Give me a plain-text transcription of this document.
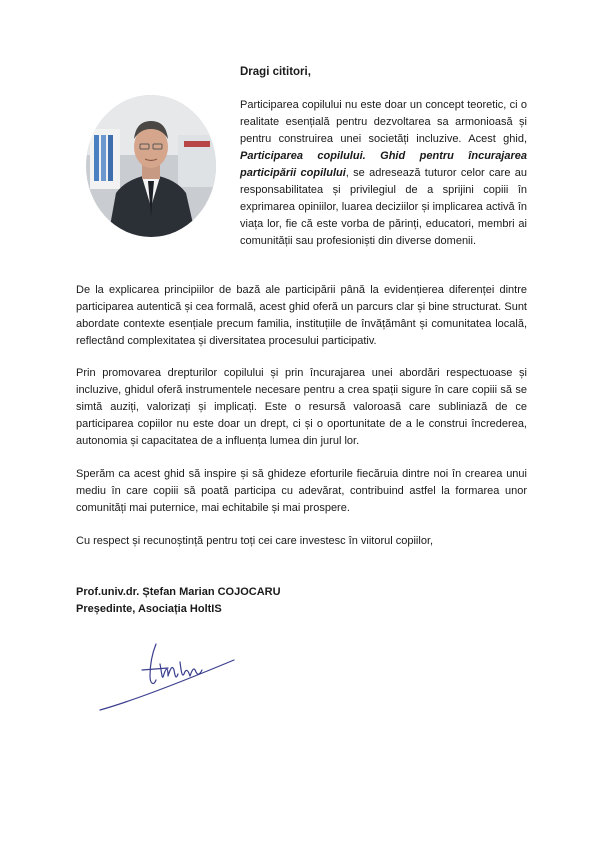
Dragi cititori,

Participarea copilului nu este doar un concept teoretic, ci o realitate esențială pentru dezvoltarea sa armonioasă și pentru construirea unei societăți incluzive. Acest ghid, Participarea copilului. Ghid pentru încurajarea participării copilului, se adresează tuturor celor care au responsabilitatea și privilegiul de a sprijini copiii în exprimarea opiniilor, luarea deciziilor și implicarea activă în viața lor, fie că este vorba de părinți, educatori, membri ai comunității sau profesioniști din diverse domenii.

De la explicarea principiilor de bază ale participării până la evidențierea diferenței dintre participarea autentică și cea formală, acest ghid oferă un parcurs clar și bine structurat. Sunt abordate contexte esențiale precum familia, instituțiile de învățământ și comunitatea locală, reflectând complexitatea și diversitatea procesului participativ.

Prin promovarea drepturilor copilului și prin încurajarea unei abordări respectuoase și incluzive, ghidul oferă instrumentele necesare pentru a crea spații sigure în care copiii să se simtă auziți, valorizați și implicați. Este o resursă valoroasă care subliniază de ce participarea copiilor nu este doar un drept, ci și o oportunitate de a le construi încrederea, autonomia și capacitatea de a influența lumea din jurul lor.

Sperăm ca acest ghid să inspire și să ghideze eforturile fiecăruia dintre noi în crearea unui mediu în care copiii să poată participa cu adevărat, contribuind astfel la formarea unor comunități mai puternice, mai echitabile și mai prospere.

Cu respect și recunoștință pentru toți cei care investesc în viitorul copiilor,

Prof.univ.dr. Ștefan Marian COJOCARU

Președinte, Asociația HoltIS
